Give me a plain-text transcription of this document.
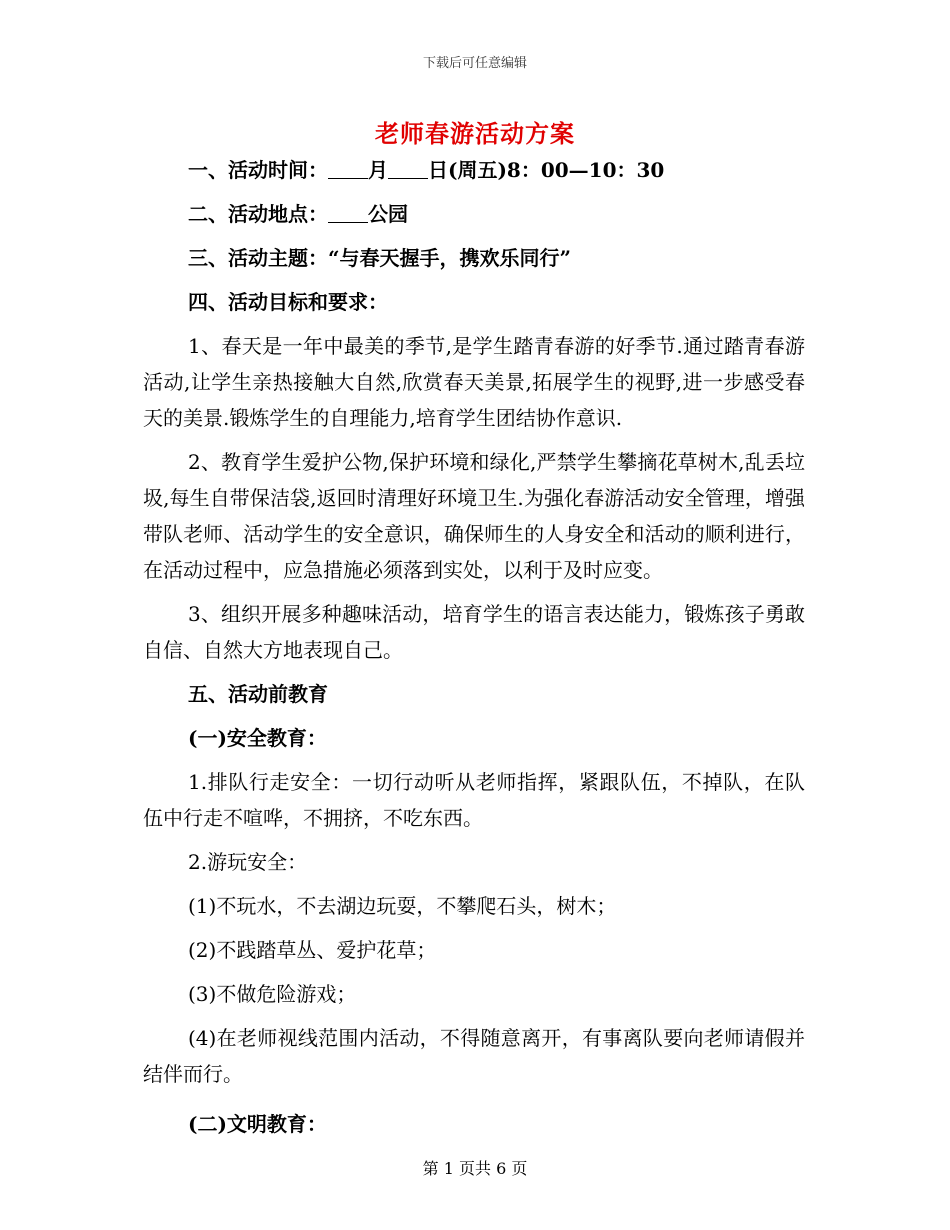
下载后可任意编辑
老师春游活动方案

一、活动时间： 月 日(周五)8：00—10：30

二、活动地点： 公园

三、活动主题：“与春天握手，携欢乐同行”

四、活动目标和要求：

1、春天是一年中最美的季节,是学生踏青春游的好季节.通过踏青春游活动,让学生亲热接触大自然,欣赏春天美景,拓展学生的视野,进一步感受春天的美景.锻炼学生的自理能力,培育学生团结协作意识.

2、教育学生爱护公物,保护环境和绿化,严禁学生攀摘花草树木,乱丢垃圾,每生自带保洁袋,返回时清理好环境卫生.为强化春游活动安全管理，增强带队老师、活动学生的安全意识，确保师生的人身安全和活动的顺利进行，在活动过程中，应急措施必须落到实处，以利于及时应变。

3、组织开展多种趣味活动，培育学生的语言表达能力，锻炼孩子勇敢自信、自然大方地表现自己。

五、活动前教育

(一)安全教育：

1.排队行走安全：一切行动听从老师指挥，紧跟队伍，不掉队，在队伍中行走不喧哗，不拥挤，不吃东西。

2.游玩安全：

(1)不玩水，不去湖边玩耍，不攀爬石头，树木；

(2)不践踏草丛、爱护花草；

(3)不做危险游戏；

(4)在老师视线范围内活动，不得随意离开，有事离队要向老师请假并结伴而行。

(二)文明教育：

第 1 页共 6 页
